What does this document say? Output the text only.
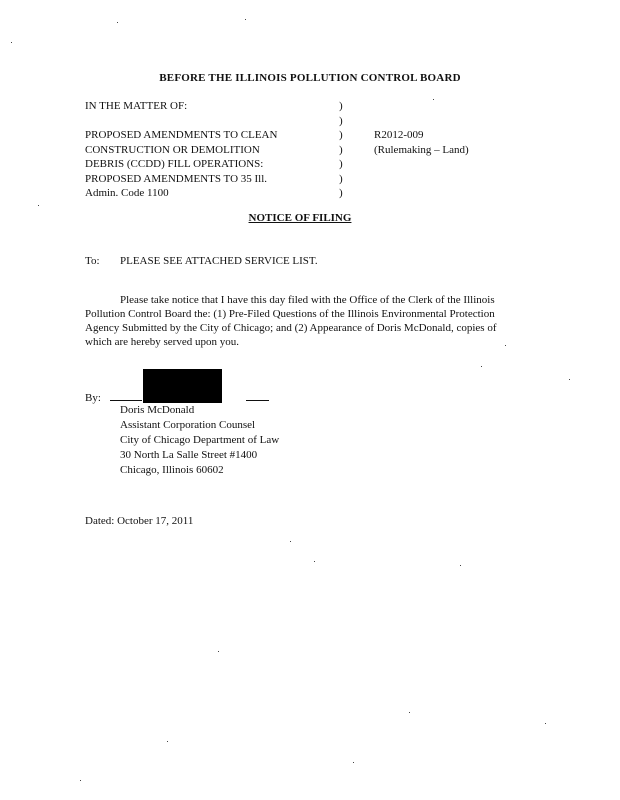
BEFORE THE ILLINOIS POLLUTION CONTROL BOARD
IN THE MATTER OF:
PROPOSED AMENDMENTS TO CLEAN
CONSTRUCTION OR DEMOLITION
DEBRIS (CCDD) FILL OPERATIONS:
PROPOSED AMENDMENTS TO 35 Ill.
Admin. Code 1100
)
)
)
)
)
)
)
R2012-009
(Rulemaking – Land)
NOTICE OF FILING
To: PLEASE SEE ATTACHED SERVICE LIST.
Please take notice that I have this day filed with the Office of the Clerk of the Illinois Pollution Control Board the: (1) Pre-Filed Questions of the Illinois Environmental Protection Agency Submitted by the City of Chicago; and (2) Appearance of Doris McDonald, copies of which are hereby served upon you.
By:
Doris McDonald
Assistant Corporation Counsel
City of Chicago Department of Law
30 North La Salle Street #1400
Chicago, Illinois 60602
Dated: October 17, 2011
